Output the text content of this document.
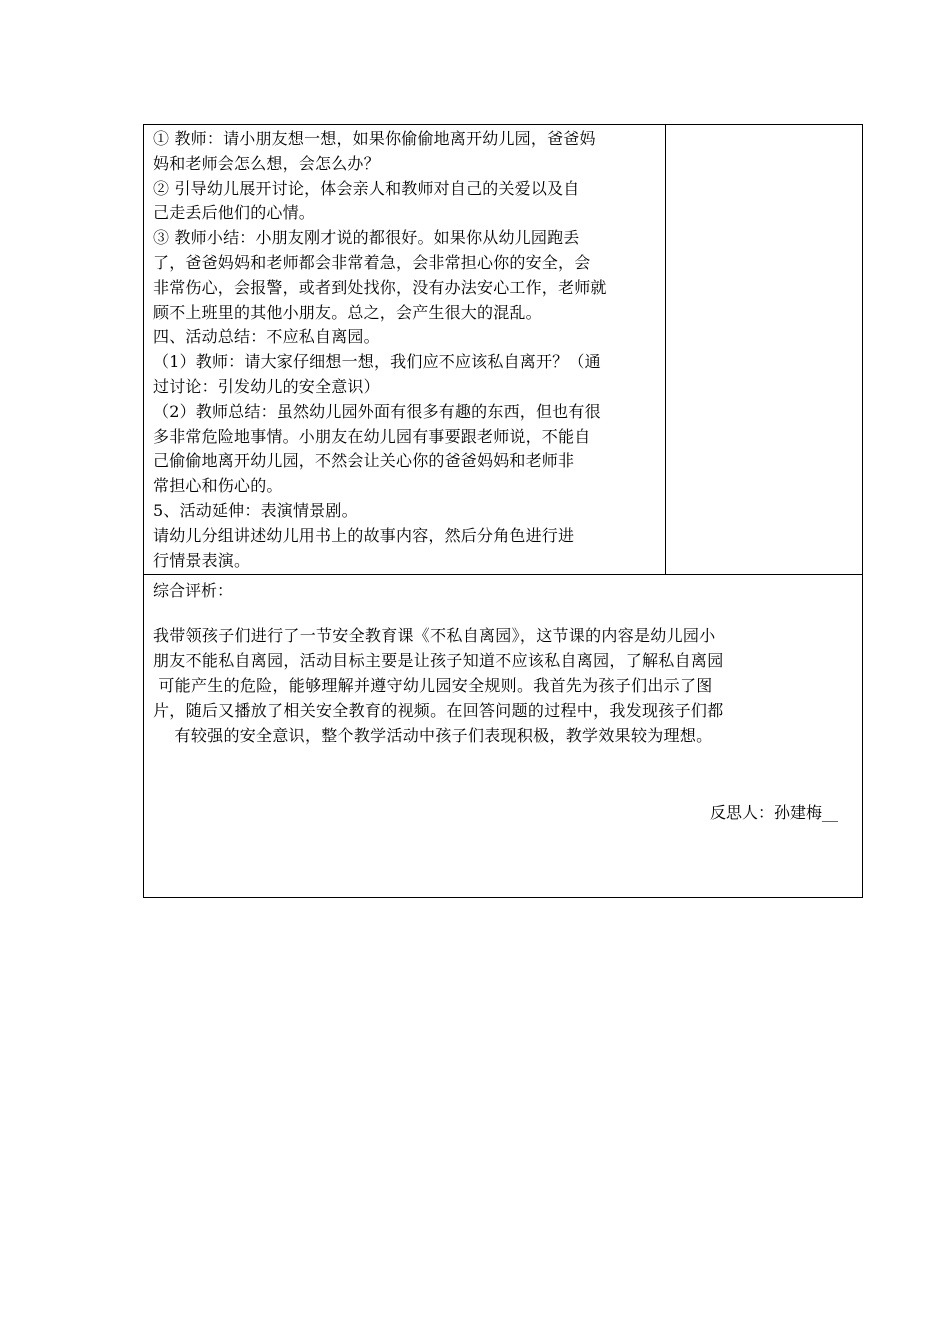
① 教师：请小朋友想一想，如果你偷偷地离开幼儿园，爸爸妈
妈和老师会怎么想，会怎么办？
② 引导幼儿展开讨论，体会亲人和教师对自己的关爱以及自
己走丢后他们的心情。
③ 教师小结：小朋友刚才说的都很好。如果你从幼儿园跑丢
了，爸爸妈妈和老师都会非常着急，会非常担心你的安全，会
非常伤心，会报警，或者到处找你，没有办法安心工作，老师就
顾不上班里的其他小朋友。总之，会产生很大的混乱。
四、活动总结：不应私自离园。
（1）教师：请大家仔细想一想，我们应不应该私自离开？（通
过讨论：引发幼儿的安全意识）
（2）教师总结：虽然幼儿园外面有很多有趣的东西，但也有很
多非常危险地事情。小朋友在幼儿园有事要跟老师说，不能自
己偷偷地离开幼儿园，不然会让关心你的爸爸妈妈和老师非
常担心和伤心的。
5、活动延伸：表演情景剧。
请幼儿分组讲述幼儿用书上的故事内容，然后分角色进行进
行情景表演。

综合评析：
我带领孩子们进行了一节安全教育课《不私自离园》，这节课的内容是幼儿园小
朋友不能私自离园，活动目标主要是让孩子知道不应该私自离园，了解私自离园
可能产生的危险，能够理解并遵守幼儿园安全规则。我首先为孩子们出示了图
片，随后又播放了相关安全教育的视频。在回答问题的过程中，我发现孩子们都
有较强的安全意识，整个教学活动中孩子们表现积极，教学效果较为理想。
反思人：孙建梅__
